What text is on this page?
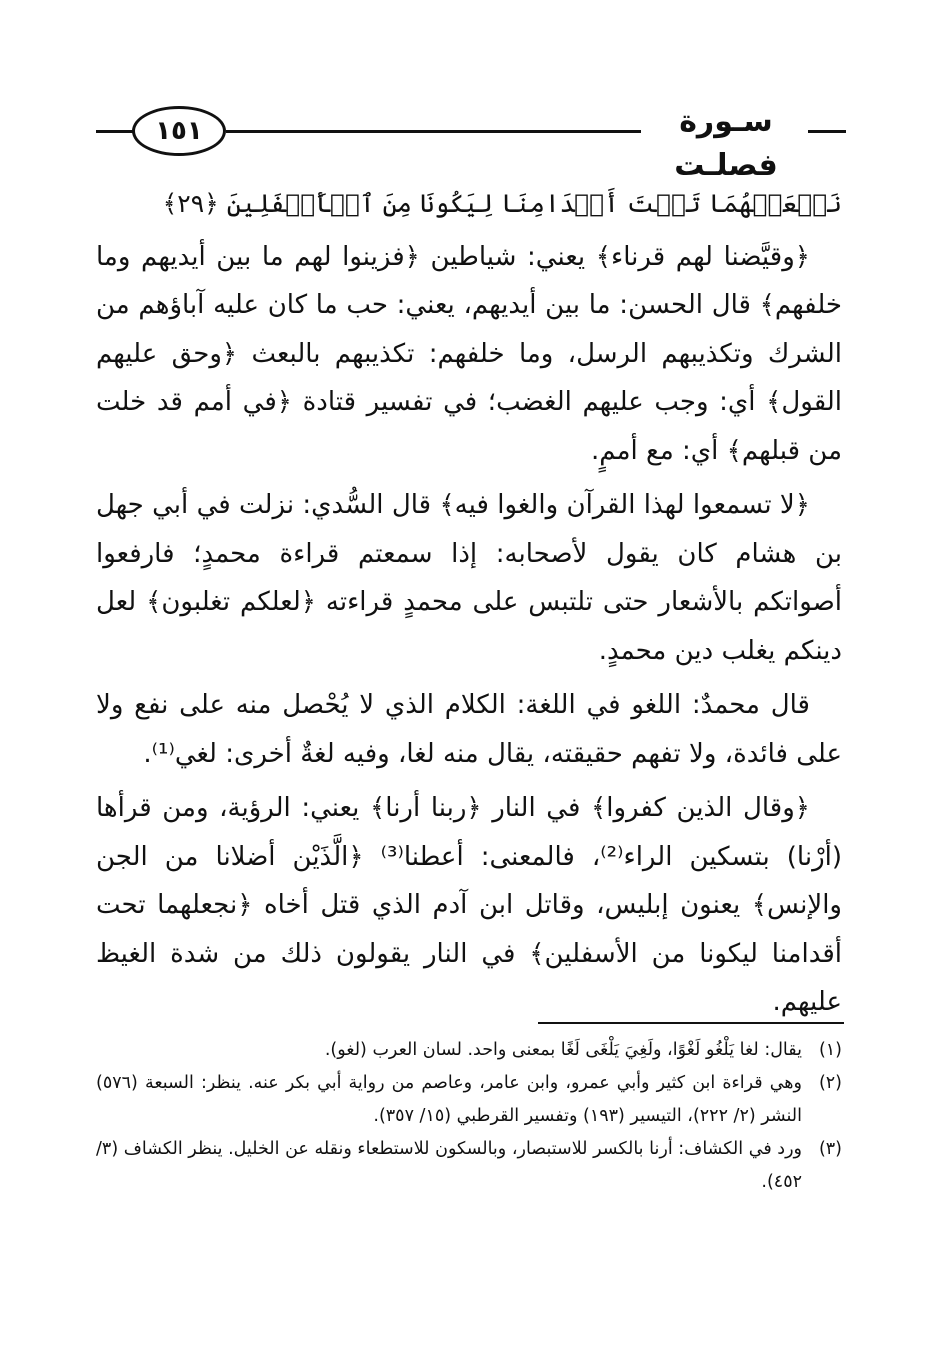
١٥١	سـورة فصلـت

نَجۡعَلۡهُمَا تَحۡتَ أَقۡدَامِنَا لِيَكُونَا مِنَ ٱلۡأَسۡفَلِينَ ﴿٢٩﴾

﴿وقيَّضنا لهم قرناء﴾ يعني: شياطين ﴿فزينوا لهم ما بين أيديهم وما خلفهم﴾ قال الحسن: ما بين أيديهم، يعني: حب ما كان عليه آباؤهم من الشرك وتكذيبهم الرسل، وما خلفهم: تكذيبهم بالبعث ﴿وحق عليهم القول﴾ أي: وجب عليهم الغضب؛ في تفسير قتادة ﴿في أمم قد خلت من قبلهم﴾ أي: مع أممٍ.

﴿لا تسمعوا لهذا القرآن والغوا فيه﴾ قال السُّدي: نزلت في أبي جهل بن هشام كان يقول لأصحابه: إذا سمعتم قراءة محمدٍ؛ فارفعوا أصواتكم بالأشعار حتى تلتبس على محمدٍ قراءته ﴿لعلكم تغلبون﴾ لعل دينكم يغلب دين محمدٍ.

قال محمدٌ: اللغو في اللغة: الكلام الذي لا يُحْصل منه على نفع ولا على فائدة، ولا تفهم حقيقته، يقال منه لغا، وفيه لغةٌ أخرى: لغي⁽¹⁾.

﴿وقال الذين كفروا﴾ في النار ﴿ربنا أرنا﴾ يعني: الرؤية، ومن قرأها (أرْنا) بتسكين الراء⁽²⁾، فالمعنى: أعطنا⁽³⁾ ﴿الَّذَيْن أضلانا من الجن والإنس﴾ يعنون إبليس، وقاتل ابن آدم الذي قتل أخاه ﴿نجعلهما تحت أقدامنا ليكونا من الأسفلين﴾ في النار يقولون ذلك من شدة الغيظ عليهم.

(١)
يقال: لغا يَلْغُو لَغْوًا، ولَغِيَ يَلْغَى لَغًا بمعنى واحد. لسان العرب (لغو).
(٢)
وهي قراءة ابن كثير وأبي عمرو، وابن عامر، وعاصم من رواية أبي بكر عنه. ينظر: السبعة (٥٧٦) النشر (٢/ ٢٢٢)، التيسير (١٩٣) وتفسير القرطبي (١٥/ ٣٥٧).
(٣)
ورد في الكشاف: أرنا بالكسر للاستبصار، وبالسكون للاستطعاء ونقله عن الخليل. ينظر الكشاف (٣/ ٤٥٢).
